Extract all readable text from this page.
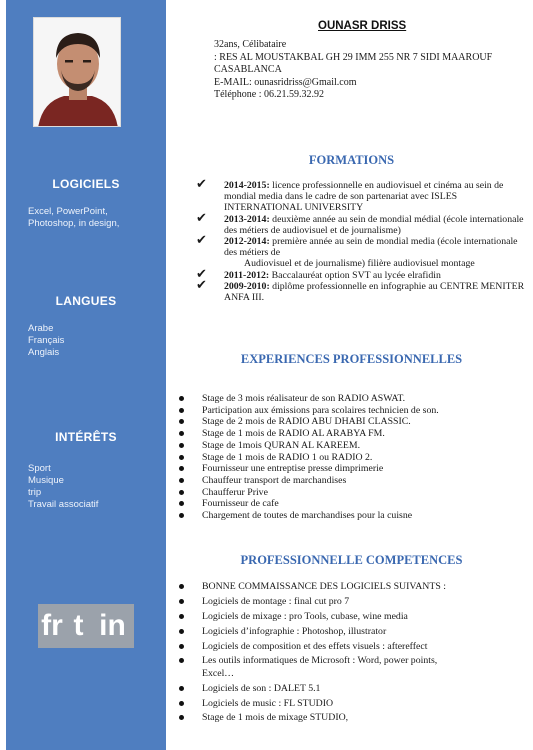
LOGICIELS
Excel, PowerPoint,
Photoshop, in design,
LANGUES
Arabe
Français
Anglais
INTÉRÊTS
Sport
Musique
trip
Travail associatif
fr t in
OUNASR DRISS
32ans, Célibataire
: RES AL MOUSTAKBAL GH 29 IMM 255 NR 7 SIDI MAAROUF
CASABLANCA
E-MAIL: ounasridriss@Gmail.com
Téléphone : 06.21.59.32.92
FORMATIONS
✔ 2014-2015: licence professionnelle en audiovisuel et cinéma au sein de mondial media dans le cadre de son partenariat avec ISLES INTERNATIONAL UNIVERSITY
✔ 2013-2014: deuxième année au sein de mondial médial (école internationale des métiers de audiovisuel et de journalisme)
✔ 2012-2014: première année au sein de mondial media (école internationale des métiers de
Audiovisuel et de journalisme) filière audiovisuel montage
✔ 2011-2012: Baccalauréat option SVT au lycée elrafidin
✔ 2009-2010: diplôme professionnelle en infographie au CENTRE MENITER ANFA III.
EXPERIENCES PROFESSIONNELLES
Stage de 3 mois réalisateur de son RADIO ASWAT.
Participation aux émissions para scolaires technicien de son.
Stage de 2 mois de RADIO ABU DHABI CLASSIC.
Stage de 1 mois de RADIO AL ARABYA FM.
Stage de 1mois QURAN AL KAREEM.
Stage de 1 mois de RADIO 1 ou RADIO 2.
Fournisseur une entreptise presse dimprimerie
Chauffeur transport de marchandises
Chaufferur Prive
Fournisseur de cafe
Chargement de toutes de marchandises pour la cuisne
PROFESSIONNELLE COMPETENCES
BONNE COMMAISSANCE DES LOGICIELS SUIVANTS :
Logiciels de montage : final cut pro 7
Logiciels de mixage : pro Tools, cubase, wine media
Logiciels d’infographie : Photoshop, illustrator
Logiciels de composition et des effets visuels : aftereffect
Les outils informatiques de Microsoft : Word, power points, Excel…
Logiciels de son : DALET 5.1
Logiciels de music : FL STUDIO
Stage de 1 mois de mixage STUDIO,
